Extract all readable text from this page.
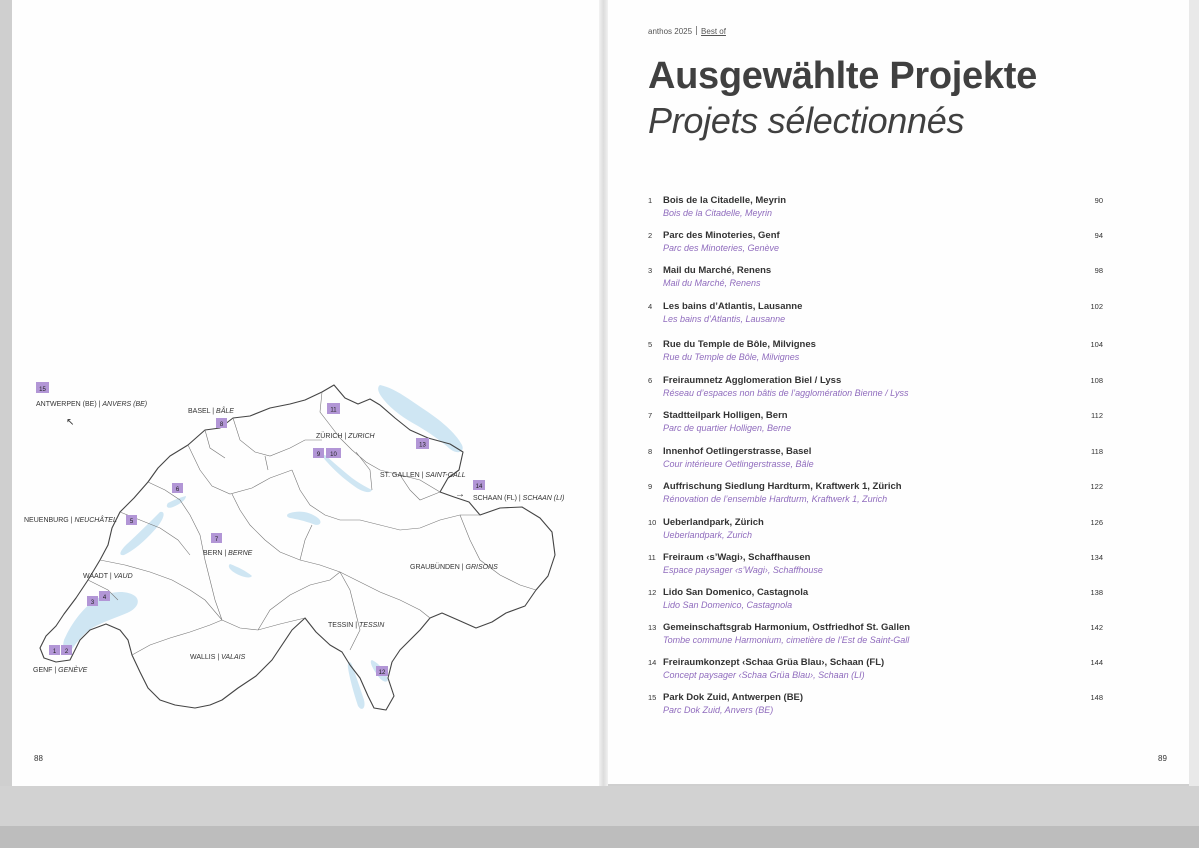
15
8
11
9 10
13
14
6
5
7
3
4
1 2
12
ANTWERPEN (BE) | ANVERS (BE)
BASEL | BÂLE
ZÜRICH | ZURICH
ST. GALLEN | SAINT-GALL
SCHAAN (FL) | SCHAAN (LI)
NEUENBURG | NEUCHÂTEL
BERN | BERNE
WAADT | VAUD
GRAUBÜNDEN | GRISONS
TESSIN | TESSIN
WALLIS | VALAIS
GENF | GENÈVE
↖
→
88
anthos 2025 Best of
Ausgewählte Projekte
Projets sélectionnés
1	Bois de la Citadelle, Meyrin
Bois de la Citadelle, Meyrin
90
2	Parc des Minoteries, Genf
Parc des Minoteries, Genève
94
3	Mail du Marché, Renens
Mail du Marché, Renens
98
4	Les bains d’Atlantis, Lausanne
Les bains d’Atlantis, Lausanne
102
5	Rue du Temple de Bôle, Milvignes
Rue du Temple de Bôle, Milvignes
104
6	Freiraumnetz Agglomeration Biel / Lyss
Réseau d’espaces non bâtis de l’agglomération Bienne / Lyss
108
7	Stadtteilpark Holligen, Bern
Parc de quartier Holligen, Berne
112
8	Innenhof Oetlingerstrasse, Basel
Cour intérieure Oetlingerstrasse, Bâle
118
9	Auffrischung Siedlung Hardturm, Kraftwerk 1, Zürich
Rénovation de l’ensemble Hardturm, Kraftwerk 1, Zurich
122
10 Ueberlandpark, Zürich
Ueberlandpark, Zurich
126
11 Freiraum ‹s’Wagi›, Schaffhausen
Espace paysager ‹s’Wagi›, Schaffhouse
134
12 Lido San Domenico, Castagnola
Lido San Domenico, Castagnola
138
13 Gemeinschaftsgrab Harmonium, Ostfriedhof St. Gallen
Tombe commune Harmonium, cimetière de l’Est de Saint-Gall
142
14 Freiraumkonzept ‹Schaa Grüa Blau›, Schaan (FL)
Concept paysager ‹Schaa Grüa Blau›, Schaan (LI)
144
15 Park Dok Zuid, Antwerpen (BE)
Parc Dok Zuid, Anvers (BE)
148
89
